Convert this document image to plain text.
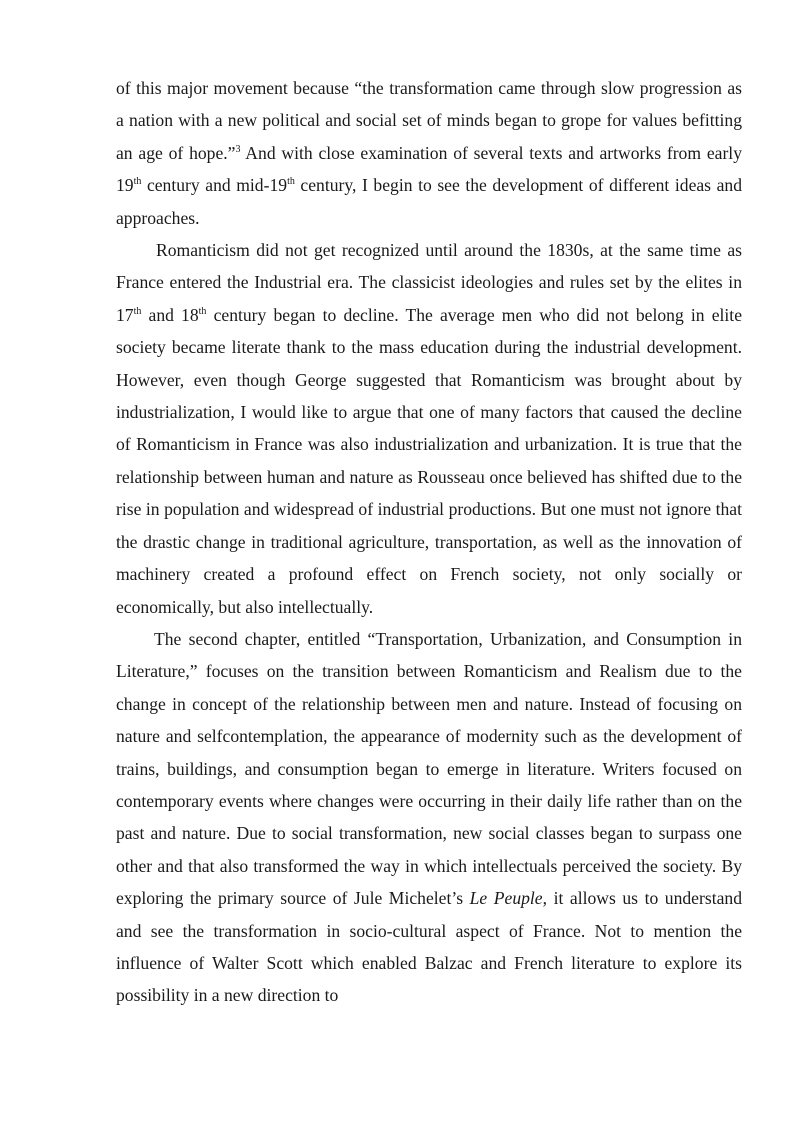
of this major movement because “the transformation came through slow progression as a nation with a new political and social set of minds began to grope for values befitting an age of hope.”$^3$ And with close examination of several texts and artworks from early 19th century and mid-19th century, I begin to see the development of different ideas and approaches.

Romanticism did not get recognized until around the 1830s, at the same time as France entered the Industrial era. The classicist ideologies and rules set by the elites in 17th and 18th century began to decline. The average men who did not belong in elite society became literate thank to the mass education during the industrial development. However, even though George suggested that Romanticism was brought about by industrialization, I would like to argue that one of many factors that caused the decline of Romanticism in France was also industrialization and urbanization. It is true that the relationship between human and nature as Rousseau once believed has shifted due to the rise in population and widespread of industrial productions. But one must not ignore that the drastic change in traditional agriculture, transportation, as well as the innovation of machinery created a profound effect on French society, not only socially or economically, but also intellectually.

The second chapter, entitled “Transportation, Urbanization, and Consumption in Literature,” focuses on the transition between Romanticism and Realism due to the change in concept of the relationship between men and nature. Instead of focusing on nature and selfcontemplation, the appearance of modernity such as the development of trains, buildings, and consumption began to emerge in literature. Writers focused on contemporary events where changes were occurring in their daily life rather than on the past and nature. Due to social transformation, new social classes began to surpass one other and that also transformed the way in which intellectuals perceived the society. By exploring the primary source of Jule Michelet’s Le Peuple, it allows us to understand and see the transformation in socio-cultural aspect of France. Not to mention the influence of Walter Scott which enabled Balzac and French literature to explore its possibility in a new direction to
